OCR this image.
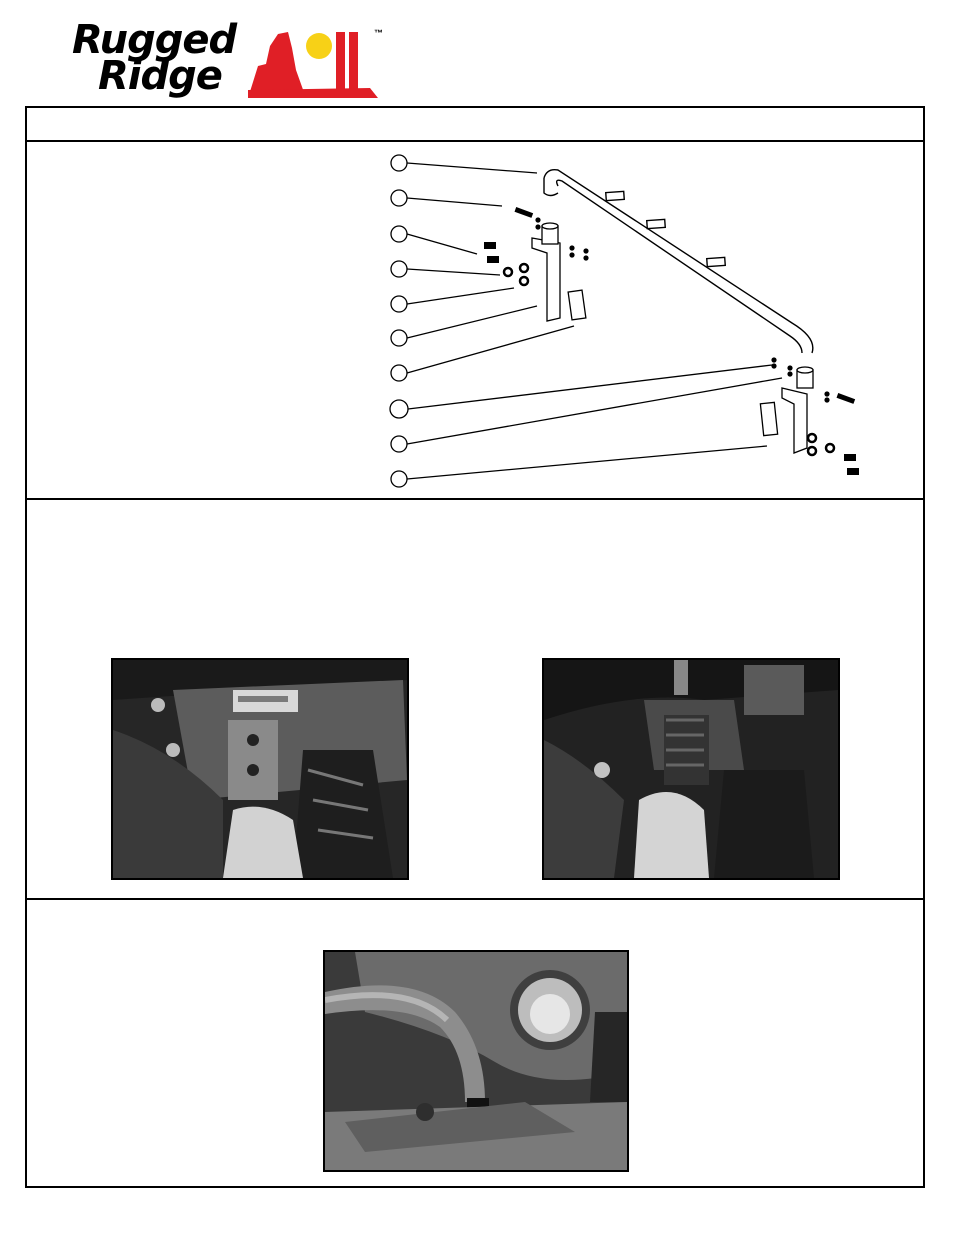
Rugged
Ridge
™
